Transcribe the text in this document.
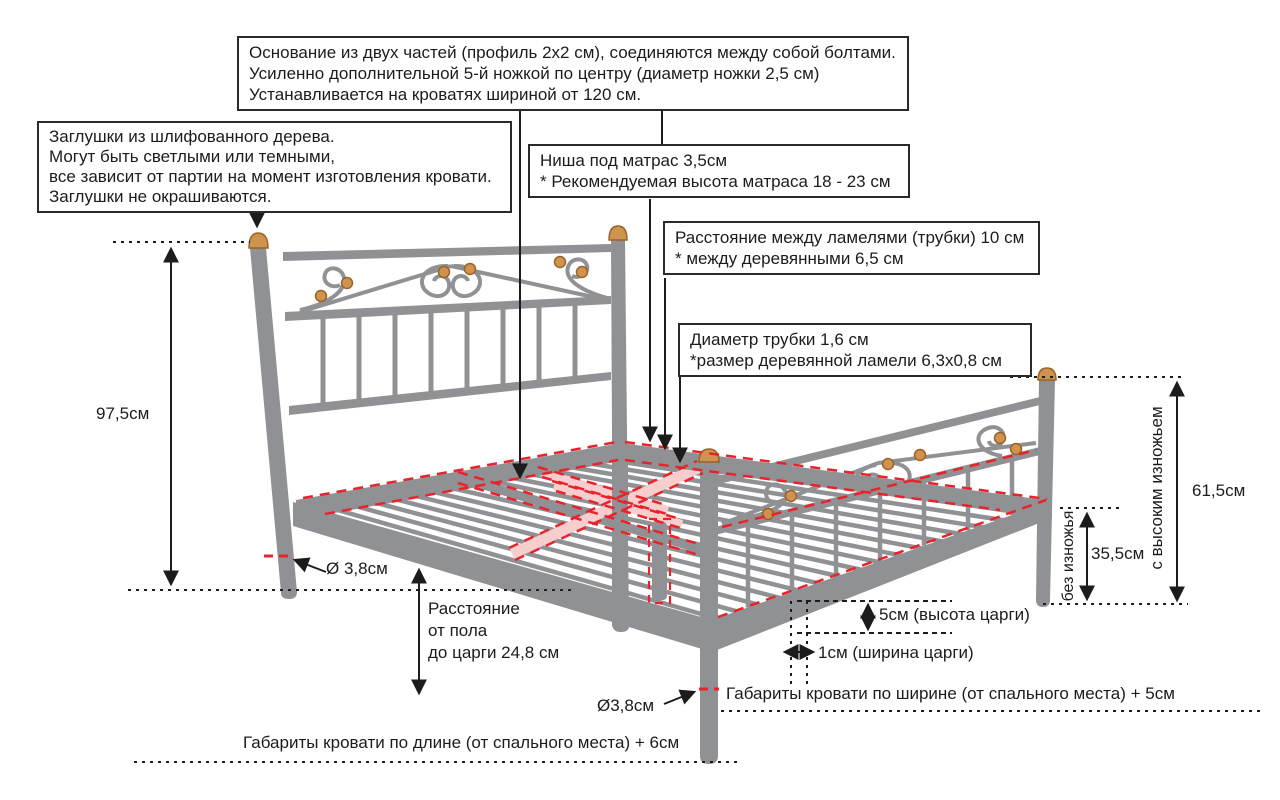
Основание из двух частей (профиль 2х2 см), соединяются между собой болтами.
Усиленно дополнительной 5-й ножкой по центру (диаметр ножки 2,5 см)
Устанавливается на кроватях шириной от 120 см.
Заглушки из шлифованного дерева.
Могут быть светлыми или темными,
все зависит от партии на момент изготовления кровати.
Заглушки не окрашиваются.
Ниша под матрас 3,5см
* Рекомендуемая высота матраса 18 - 23 см
Расстояние между ламелями (трубки) 10 см
* между деревянными 6,5 см
Диаметр трубки 1,6 см
*размер деревянной ламели 6,3х0,8 см
97,5см
Ø 3,8см
Расстояние
от пола
до царги 24,8 см
Ø3,8см
Габариты кровати по ширине (от спального места) + 5см
Габариты кровати по длине (от спального места) + 6см
с высоким изножьем 61,5см
без изножья 35,5см
5см (высота царги)
1см (ширина царги)
